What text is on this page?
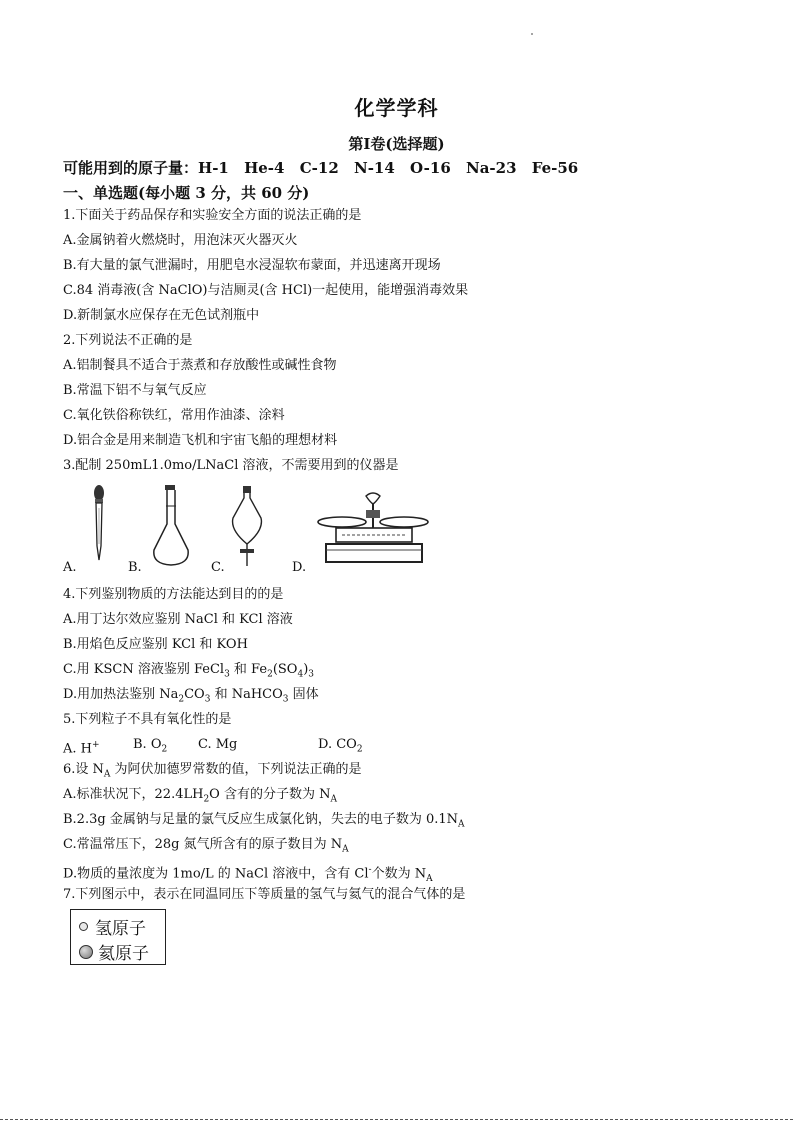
化学学科
第Ⅰ卷(选择题)
可能用到的原子量：H-1 He-4 C-12 N-14 O-16 Na-23 Fe-56
一、单选题(每小题 3 分，共 60 分)
1.下面关于药品保存和实验安全方面的说法正确的是
A.金属钠着火燃烧时，用泡沫灭火器灭火
B.有大量的氯气泄漏时，用肥皂水浸湿软布蒙面，并迅速离开现场
C.84 消毒液(含 NaClO)与洁厕灵(含 HCl)一起使用，能增强消毒效果
D.新制氯水应保存在无色试剂瓶中
2.下列说法不正确的是
A.铝制餐具不适合于蒸煮和存放酸性或碱性食物
B.常温下铝不与氧气反应
C.氧化铁俗称铁红，常用作油漆、涂料
D.铝合金是用来制造飞机和宇宙飞船的理想材料
3.配制 250mL1.0mo/LNaCl 溶液，不需要用到的仪器是
A.	B.	C.	D.
4.下列鉴别物质的方法能达到目的的是
A.用丁达尔效应鉴别 NaCl 和 KCl 溶液
B.用焰色反应鉴别 KCl 和 KOH
C.用 KSCN 溶液鉴别 FeCl$_3$ 和 $Fe_2(SO_4)_3$
D.用加热法鉴别 $Na_2CO_3$ 和 NaHCO$_3$ 固体
5.下列粒子不具有氧化性的是
A. H+	B. $O_2$ C. Mg	D. $CO_2$
6.设 $N_A$ 为阿伏加德罗常数的值，下列说法正确的是
A.标准状况下，$22.4LH_2O$ 含有的分子数为 $N_A$
B.2.3g 金属钠与足量的氯气反应生成氯化钠，失去的电子数为 $0.1N_A$
C.常温常压下，28g 氮气所含有的原子数目为 $N_A$
D.物质的量浓度为 1mo/L 的 NaCl 溶液中，含有 Cl-个数为 $N_A$
7.下列图示中，表示在同温同压下等质量的氢气与氦气的混合气体的是
氢原子
氦原子
